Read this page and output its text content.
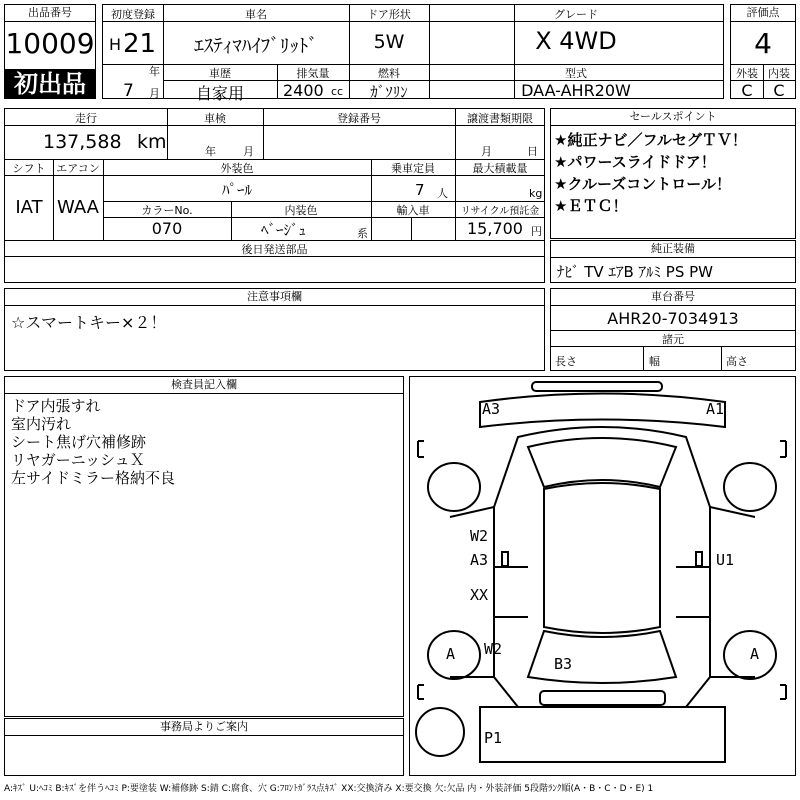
出品番号
10009
初出品
初度登録
H 21
年
7 月
車名
ｴｽﾃｨﾏﾊｲﾌﾞﾘｯﾄﾞ
ドア形状
5W
グレード
X 4WD
車歴
自家用
排気量
2400 cc
燃料
ｶﾞｿﾘﾝ
型式
DAA-AHR20W
評価点
4
外装 内装
C	C
走行
137,588 km
車検
年 月
登録番号	譲渡書類期限
月	日
シフト
IAT
エアコン
WAA
外装色
ﾊﾟｰﾙ
乗車定員
7 人
最大積載量
kg
カラーNo.
070
内装色
ﾍﾞｰｼﾞｭ	系
輸入車	リサイクル預託金
15,700 円
後日発送部品
セールスポイント
★純正ナビ／フルセグＴＶ！
★パワースライドドア！
★クルーズコントロール！
★ＥＴＣ！
純正装備
ﾅﾋﾞ TV ｴｱB ｱﾙﾐ PS PW
注意事項欄
☆スマートキー×２！
車台番号
AHR20-7034913
諸元
長さ	幅	高さ
検査員記入欄
ドア内張すれ
室内汚れ
シート焦げ穴補修跡
リヤガーニッシュＸ
左サイドミラー格納不良
事務局よりご案内
A3	A1
W2
A3	U1
XX
W2
A	A
B3
P1
A:ｷｽﾞ U:ﾍｺﾐ B:ｷｽﾞを伴うﾍｺﾐ P:要塗装 W:補修跡 S:錆 C:腐食、穴 G:ﾌﾛﾝﾄｶﾞﾗｽ点ｷｽﾞ XX:交換済み X:要交換 欠:欠品 内・外装評価 5段階ﾗﾝｸ順(A・B・C・D・E) 1
